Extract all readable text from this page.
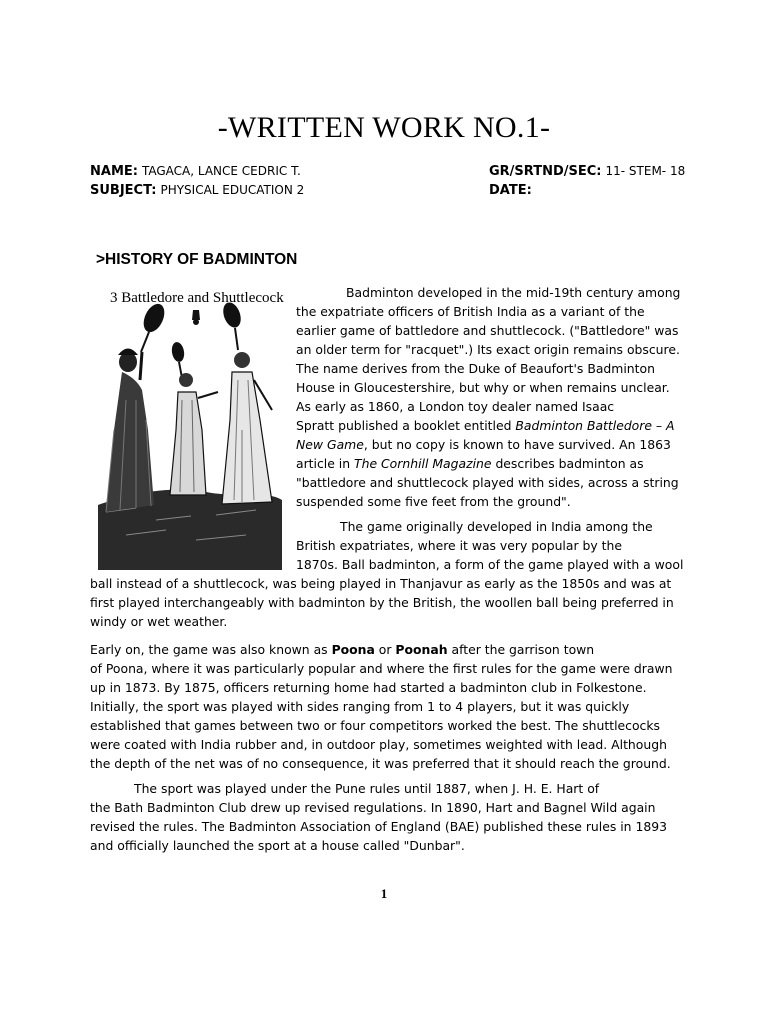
-WRITTEN WORK NO.1-
NAME: TAGACA, LANCE CEDRIC T.	GR/SRTND/SEC: 11- STEM- 18
SUBJECT: PHYSICAL EDUCATION 2	DATE:
>HISTORY OF BADMINTON
3 Battledore and Shuttlecock.	Badminton developed in the mid-19th century among
the expatriate officers of British India as a variant of the
earlier game of battledore and shuttlecock. ("Battledore" was
an older term for "racquet".) Its exact origin remains obscure.
The name derives from the Duke of Beaufort's Badminton
House in Gloucestershire, but why or when remains unclear.
As early as 1860, a London toy dealer named Isaac
Spratt published a booklet entitled Badminton Battledore – A
New Game, but no copy is known to have survived. An 1863
article in The Cornhill Magazine describes badminton as
"battledore and shuttlecock played with sides, across a string
suspended some five feet from the ground".
The game originally developed in India among the
British expatriates, where it was very popular by the
1870s. Ball badminton, a form of the game played with a wool
ball instead of a shuttlecock, was being played in Thanjavur as early as the 1850s and was at
first played interchangeably with badminton by the British, the woollen ball being preferred in
windy or wet weather.
Early on, the game was also known as Poona or Poonah after the garrison town
of Poona, where it was particularly popular and where the first rules for the game were drawn
up in 1873. By 1875, officers returning home had started a badminton club in Folkestone.
Initially, the sport was played with sides ranging from 1 to 4 players, but it was quickly
established that games between two or four competitors worked the best. The shuttlecocks
were coated with India rubber and, in outdoor play, sometimes weighted with lead. Although
the depth of the net was of no consequence, it was preferred that it should reach the ground.
The sport was played under the Pune rules until 1887, when J. H. E. Hart of
the Bath Badminton Club drew up revised regulations. In 1890, Hart and Bagnel Wild again
revised the rules. The Badminton Association of England (BAE) published these rules in 1893
and officially launched the sport at a house called "Dunbar".
1
